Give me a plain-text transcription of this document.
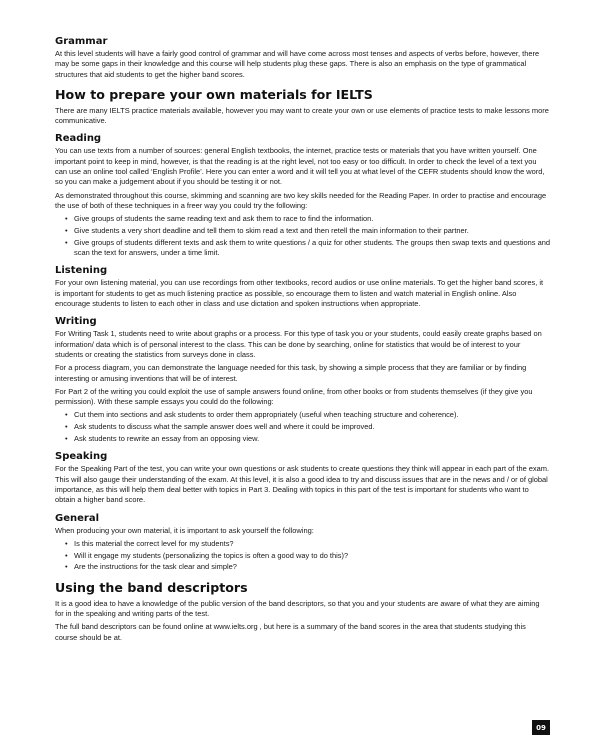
Grammar

At this level students will have a fairly good control of grammar and will have come across most tenses and aspects of verbs before, however, there may be some gaps in their knowledge and this course will help students plug these gaps. There is also an emphasis on the type of grammatical structures that aid students to get the higher band scores.

How to prepare your own materials for IELTS

There are many IELTS practice materials available, however you may want to create your own or use elements of practice tests to make lessons more communicative.

Reading

You can use texts from a number of sources: general English textbooks, the internet, practice tests or materials that you have written yourself. One important point to keep in mind, however, is that the reading is at the right level, not too easy or too difficult. In order to check the level of a text you can use an online tool called ‘English Profile’. Here you can enter a word and it will tell you at what level of the CEFR students should know the word, so you can make a judgement about if you should be testing it or not.

As demonstrated throughout this course, skimming and scanning are two key skills needed for the Reading Paper. In order to practise and encourage the use of both of these techniques in a freer way you could try the following:

• Give groups of students the same reading text and ask them to race to find the information.
• Give students a very short deadline and tell them to skim read a text and then retell the main information to their partner.
• Give groups of students different texts and ask them to write questions / a quiz for other students. The groups then swap texts and questions and scan the text for answers, under a time limit.
Listening

For your own listening material, you can use recordings from other textbooks, record audios or use online materials. To get the higher band scores, it is important for students to get as much listening practice as possible, so encourage them to listen and watch material in English online. Also encourage students to listen to each other in class and use dictation and spoken instructions when appropriate.

Writing

For Writing Task 1, students need to write about graphs or a process. For this type of task you or your students, could easily create graphs based on information/ data which is of personal interest to the class. This can be done by searching, online for statistics that would be of interest to your students or creating the statistics from surveys done in class.

For a process diagram, you can demonstrate the language needed for this task, by showing a simple process that they are familiar or by finding interesting or amusing inventions that will be of interest.

For Part 2 of the writing you could exploit the use of sample answers found online, from other books or from students themselves (if they give you permission). With these sample essays you could do the following:

• Cut them into sections and ask students to order them appropriately (useful when teaching structure and coherence).
• Ask students to discuss what the sample answer does well and where it could be improved.
• Ask students to rewrite an essay from an opposing view.
Speaking

For the Speaking Part of the test, you can write your own questions or ask students to create questions they think will appear in each part of the exam. This will also gauge their understanding of the exam. At this level, it is also a good idea to try and discuss issues that are in the news and / or of global importance, as this will help them deal better with topics in Part 3. Dealing with topics in this part of the test is important for students who want to obtain a higher band score.

General

When producing your own material, it is important to ask yourself the following:

• Is this material the correct level for my students?
• Will it engage my students (personalizing the topics is often a good way to do this)?
• Are the instructions for the task clear and simple?
Using the band descriptors

It is a good idea to have a knowledge of the public version of the band descriptors, so that you and your students are aware of what they are aiming for in the speaking and writing parts of the test.

The full band descriptors can be found online at www.ielts.org , but here is a summary of the band scores in the area that students studying this course should be at.

09
